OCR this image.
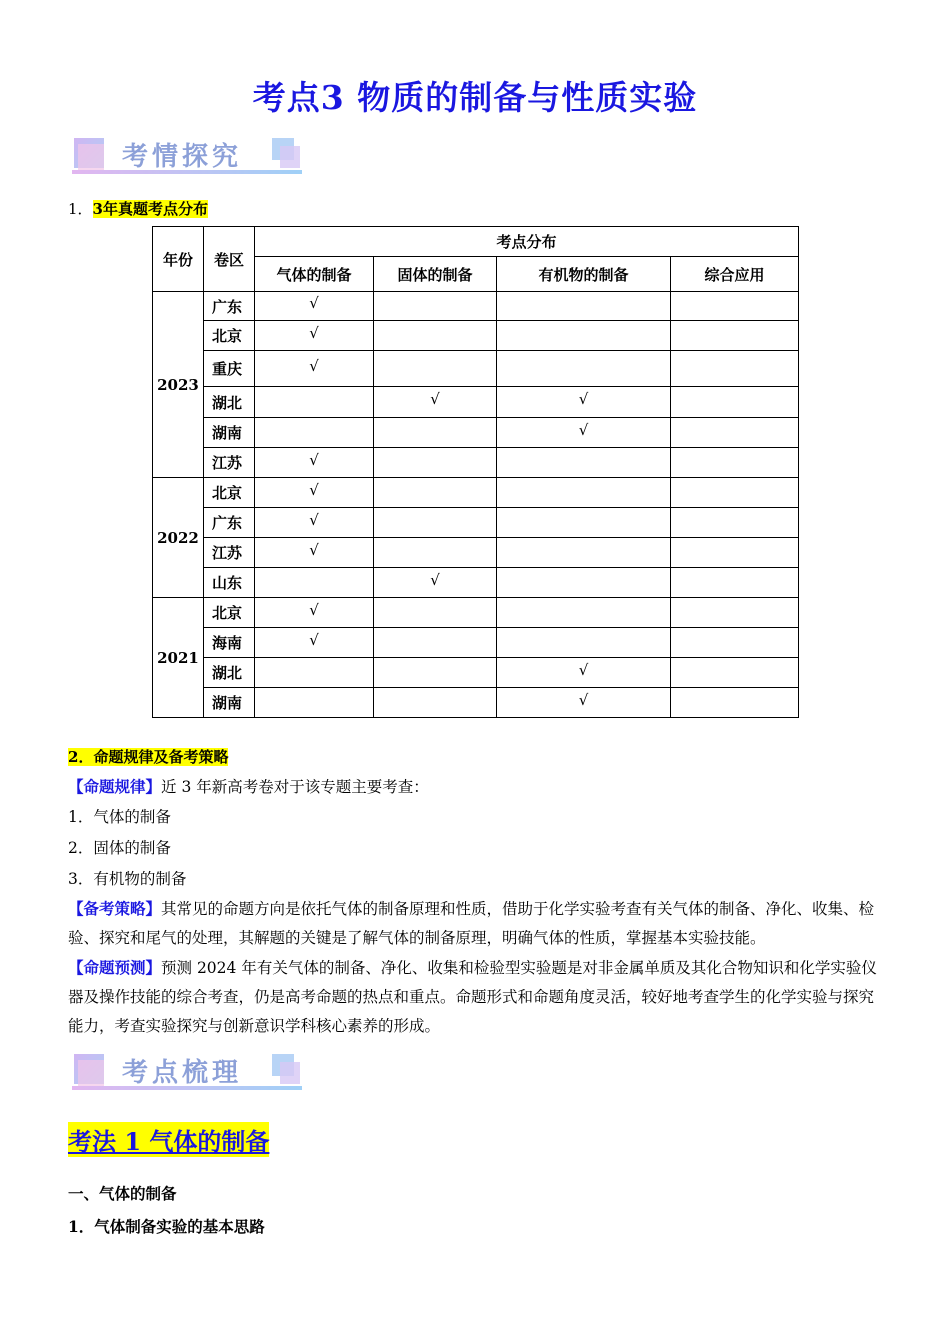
考点3 物质的制备与性质实验
考情探究
1．3年真题考点分布
年份	卷区	考点分布			
		气体的制备	固体的制备	有机物的制备	综合应用
2023	广东	√			

	北京	√			

	重庆	√			

	湖北		√	√	

	湖南			√	

	江苏	√			

2022	北京	√			

	广东	√			

	江苏	√			

	山东		√		

2021	北京	√			

	海南	√			

	湖北			√	

	湖南			√	

2．命题规律及备考策略
【命题规律】近 3 年新高考卷对于该专题主要考查：
1．气体的制备
2．固体的制备
3．有机物的制备
【备考策略】其常见的命题方向是依托气体的制备原理和性质，借助于化学实验考查有关气体的制备、净化、收集、检验、探究和尾气的处理，其解题的关键是了解气体的制备原理，明确气体的性质，掌握基本实验技能。
【命题预测】预测 2024 年有关气体的制备、净化、收集和检验型实验题是对非金属单质及其化合物知识和化学实验仪器及操作技能的综合考查，仍是高考命题的热点和重点。命题形式和命题角度灵活，较好地考查学生的化学实验与探究能力，考查实验探究与创新意识学科核心素养的形成。
考点梳理
考法 1 气体的制备
一、气体的制备
1．气体制备实验的基本思路
